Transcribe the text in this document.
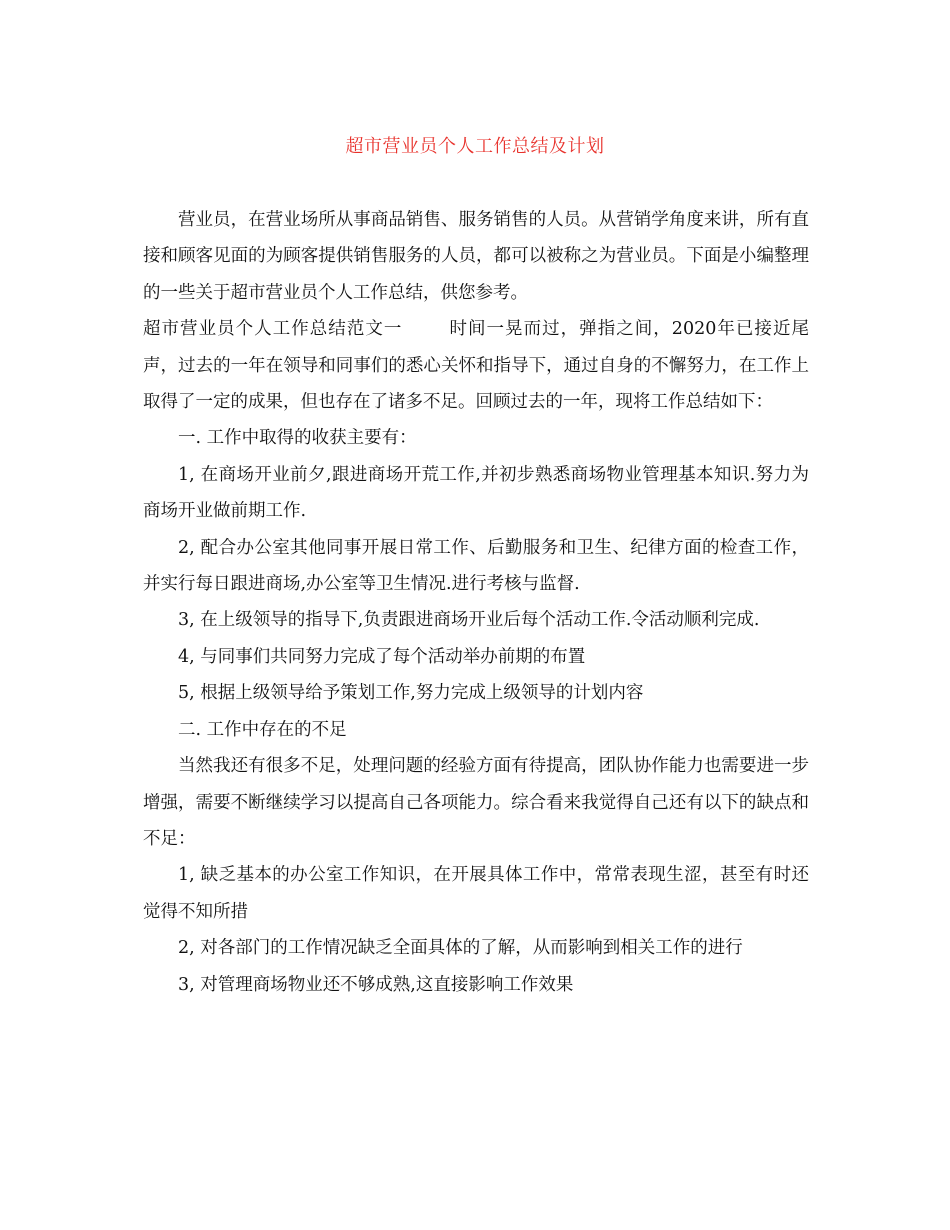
超市营业员个人工作总结及计划

营业员，在营业场所从事商品销售、服务销售的人员。从营销学角度来讲，所有直接和顾客见面的为顾客提供销售服务的人员，都可以被称之为营业员。下面是小编整理的一些关于超市营业员个人工作总结，供您参考。

超市营业员个人工作总结范文一	时间一晃而过，弹指之间，2020年已接近尾声，过去的一年在领导和同事们的悉心关怀和指导下，通过自身的不懈努力，在工作上取得了一定的成果，但也存在了诸多不足。回顾过去的一年，现将工作总结如下：

一. 工作中取得的收获主要有：

1, 在商场开业前夕,跟进商场开荒工作,并初步熟悉商场物业管理基本知识.努力为商场开业做前期工作.

2, 配合办公室其他同事开展日常工作、后勤服务和卫生、纪律方面的检查工作，并实行每日跟进商场,办公室等卫生情况.进行考核与监督.

3, 在上级领导的指导下,负责跟进商场开业后每个活动工作.令活动顺利完成.

4, 与同事们共同努力完成了每个活动举办前期的布置

5, 根据上级领导给予策划工作,努力完成上级领导的计划内容

二. 工作中存在的不足

当然我还有很多不足，处理问题的经验方面有待提高，团队协作能力也需要进一步增强，需要不断继续学习以提高自己各项能力。综合看来我觉得自己还有以下的缺点和不足：

1, 缺乏基本的办公室工作知识，在开展具体工作中，常常表现生涩，甚至有时还觉得不知所措

2, 对各部门的工作情况缺乏全面具体的了解，从而影响到相关工作的进行

3, 对管理商场物业还不够成熟,这直接影响工作效果
